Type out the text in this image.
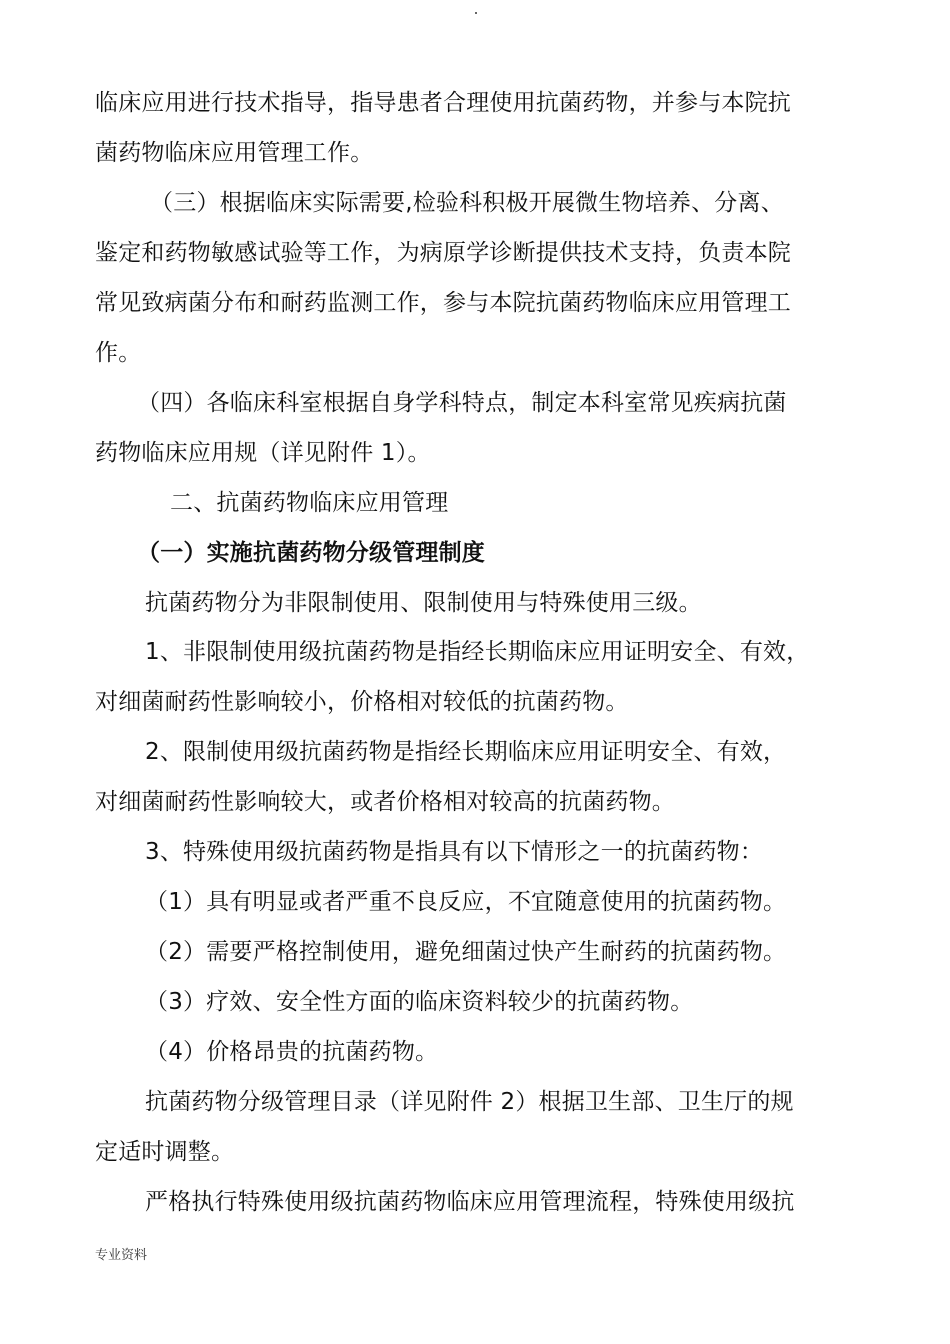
临床应用进行技术指导，指导患者合理使用抗菌药物，并参与本院抗
菌药物临床应用管理工作。
（三）根据临床实际需要,检验科积极开展微生物培养、分离、
鉴定和药物敏感试验等工作，为病原学诊断提供技术支持，负责本院
常见致病菌分布和耐药监测工作，参与本院抗菌药物临床应用管理工
作。
（四）各临床科室根据自身学科特点，制定本科室常见疾病抗菌
药物临床应用规（详见附件 1）。
二、抗菌药物临床应用管理
（一）实施抗菌药物分级管理制度
抗菌药物分为非限制使用、限制使用与特殊使用三级。
1、非限制使用级抗菌药物是指经长期临床应用证明安全、有效，
对细菌耐药性影响较小，价格相对较低的抗菌药物。
2、限制使用级抗菌药物是指经长期临床应用证明安全、有效，
对细菌耐药性影响较大，或者价格相对较高的抗菌药物。
3、特殊使用级抗菌药物是指具有以下情形之一的抗菌药物：
（1）具有明显或者严重不良反应，不宜随意使用的抗菌药物。
（2）需要严格控制使用，避免细菌过快产生耐药的抗菌药物。
（3）疗效、安全性方面的临床资料较少的抗菌药物。
（4）价格昂贵的抗菌药物。
抗菌药物分级管理目录（详见附件 2）根据卫生部、卫生厅的规
定适时调整。
严格执行特殊使用级抗菌药物临床应用管理流程，特殊使用级抗
专业资料
